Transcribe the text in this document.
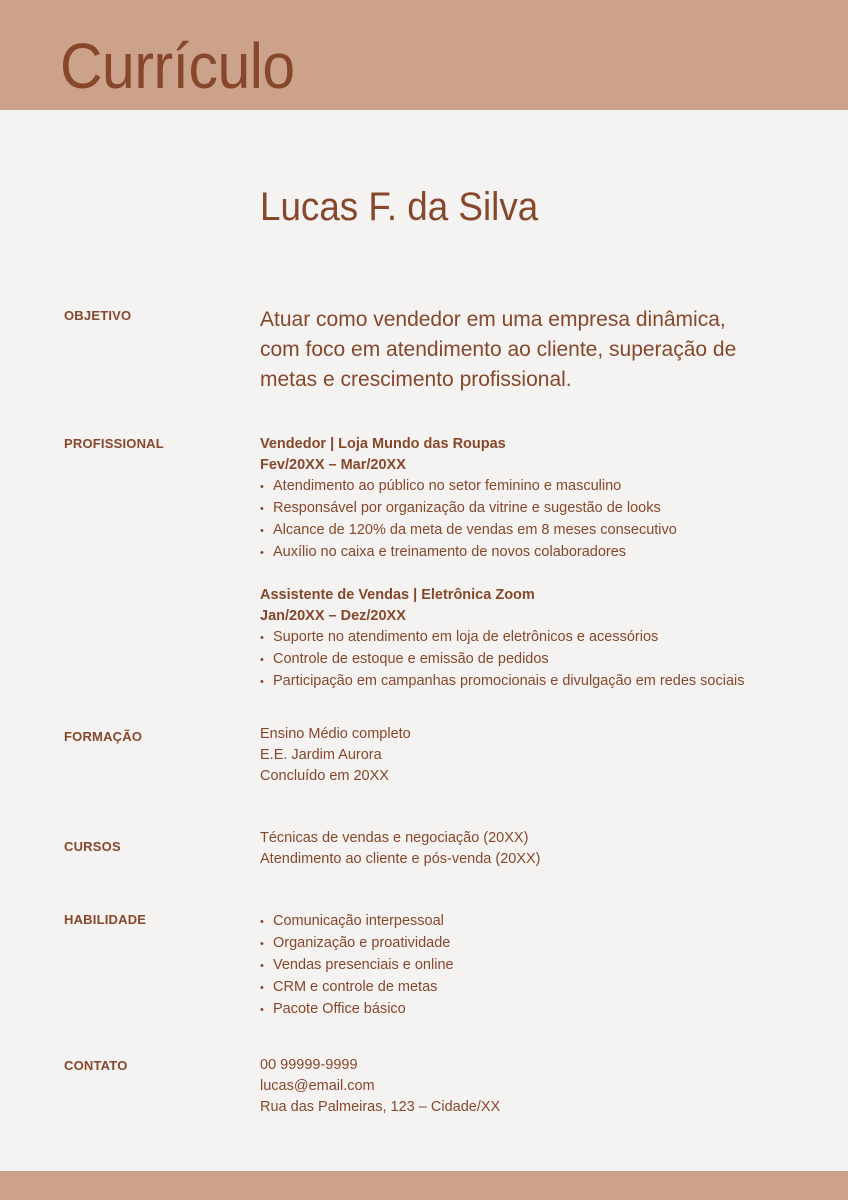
Currículo
Lucas F. da Silva
OBJETIVO	Atuar como vendedor em uma empresa dinâmica,
com foco em atendimento ao cliente, superação de
metas e crescimento profissional.
PROFISSIONAL	Vendedor | Loja Mundo das Roupas
Fev/20XX – Mar/20XX
• Atendimento ao público no setor feminino e masculino
• Responsável por organização da vitrine e sugestão de looks
• Alcance de 120% da meta de vendas em 8 meses consecutivo
• Auxílio no caixa e treinamento de novos colaboradores
Assistente de Vendas | Eletrônica Zoom
Jan/20XX – Dez/20XX
• Suporte no atendimento em loja de eletrônicos e acessórios
• Controle de estoque e emissão de pedidos
• Participação em campanhas promocionais e divulgação em redes sociais
FORMAÇÃO	Ensino Médio completo
E.E. Jardim Aurora
Concluído em 20XX
CURSOS
Técnicas de vendas e negociação (20XX)
Atendimento ao cliente e pós-venda (20XX)
HABILIDADE
•	Comunicação interpessoal
• Organização e proatividade
• Vendas presenciais e online
• CRM e controle de metas
• Pacote Office básico
CONTATO	00 99999-9999
lucas@email.com
Rua das Palmeiras, 123 – Cidade/XX
